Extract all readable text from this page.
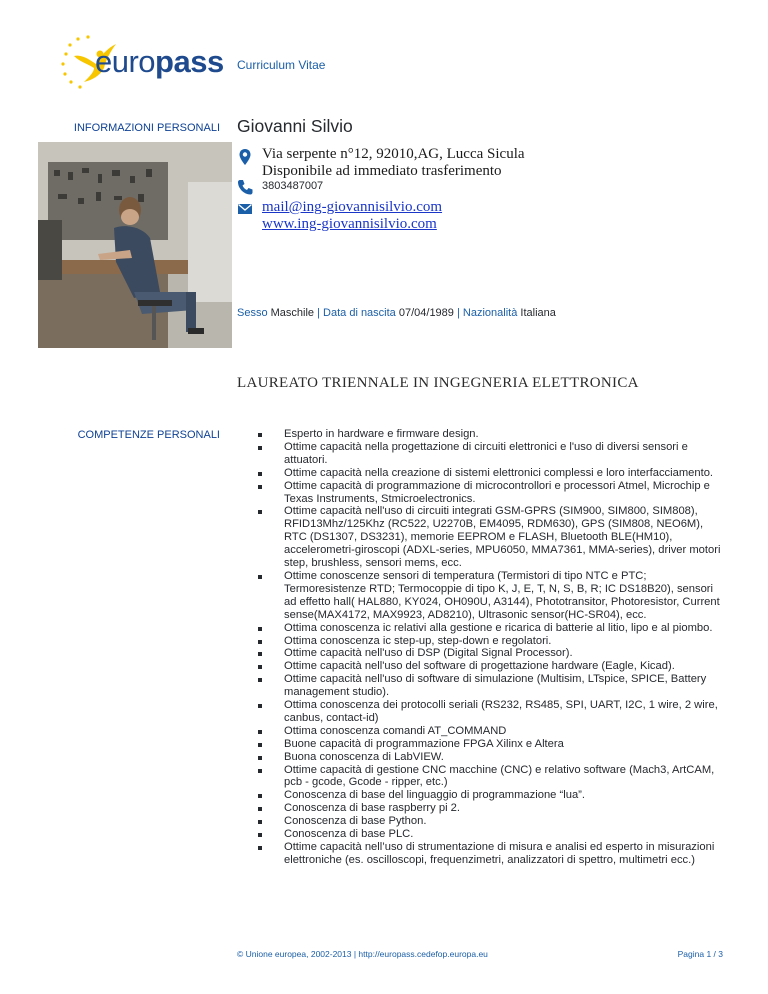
europass Curriculum Vitae
INFORMAZIONI PERSONALI Giovanni Silvio
Via serpente n°12, 92010,AG, Lucca Sicula
Disponibile ad immediato trasferimento
3803487007
mail@ing-giovannisilvio.com
www.ing-giovannisilvio.com
Sesso Maschile | Data di nascita 07/04/1989 | Nazionalità Italiana
LAUREATO TRIENNALE IN INGEGNERIA ELETTRONICA
COMPETENZE PERSONALI	Esperto in hardware e firmware design.
Ottime capacità nella progettazione di circuiti elettronici e l'uso di diversi sensori e attuatori.
Ottime capacità nella creazione di sistemi elettronici complessi e loro interfacciamento.
Ottime capacità di programmazione di microcontrollori e processori Atmel, Microchip e Texas Instruments, Stmicroelectronics.
Ottime capacità nell'uso di circuiti integrati GSM-GPRS (SIM900, SIM800, SIM808), RFID13Mhz/125Khz (RC522, U2270B, EM4095, RDM630), GPS (SIM808, NEO6M), RTC (DS1307, DS3231), memorie EEPROM e FLASH, Bluetooth BLE(HM10), accelerometri-giroscopi (ADXL-series, MPU6050, MMA7361, MMA-series), driver motori step, brushless, sensori mems, ecc.
Ottime conoscenze sensori di temperatura (Termistori di tipo NTC e PTC; Termoresistenze RTD; Termocoppie di tipo K, J, E, T, N, S, B, R; IC DS18B20), sensori ad effetto hall( HAL880, KY024, OH090U, A3144), Phototransitor, Photoresistor, Current sense(MAX4172, MAX9923, AD8210), Ultrasonic sensor(HC-SR04), ecc.
Ottima conoscenza ic relativi alla gestione e ricarica di batterie al litio, lipo e al piombo.
Ottima conoscenza ic step-up, step-down e regolatori.
Ottime capacità nell'uso di DSP (Digital Signal Processor).
Ottime capacità nell'uso del software di progettazione hardware (Eagle, Kicad).
Ottime capacità nell'uso di software di simulazione (Multisim, LTspice, SPICE, Battery management studio).
Ottima conoscenza dei protocolli seriali (RS232, RS485, SPI, UART, I2C, 1 wire, 2 wire, canbus, contact-id)
Ottima conoscenza comandi AT_COMMAND
Buone capacità di programmazione FPGA Xilinx e Altera
Buona conoscenza di LabVIEW.
Ottime capacità di gestione CNC macchine (CNC) e relativo software (Mach3, ArtCAM, pcb - gcode, Gcode - ripper, etc.)
Conoscenza di base del linguaggio di programmazione “lua”.
Conoscenza di base raspberry pi 2.
Conoscenza di base Python.
Conoscenza di base PLC.
Ottime capacità nell’uso di strumentazione di misura e analisi ed esperto in misurazioni elettroniche (es. oscilloscopi, frequenzimetri, analizzatori di spettro, multimetri ecc.)
© Unione europea, 2002-2013 | http://europass.cedefop.europa.eu	Pagina 1 / 3
